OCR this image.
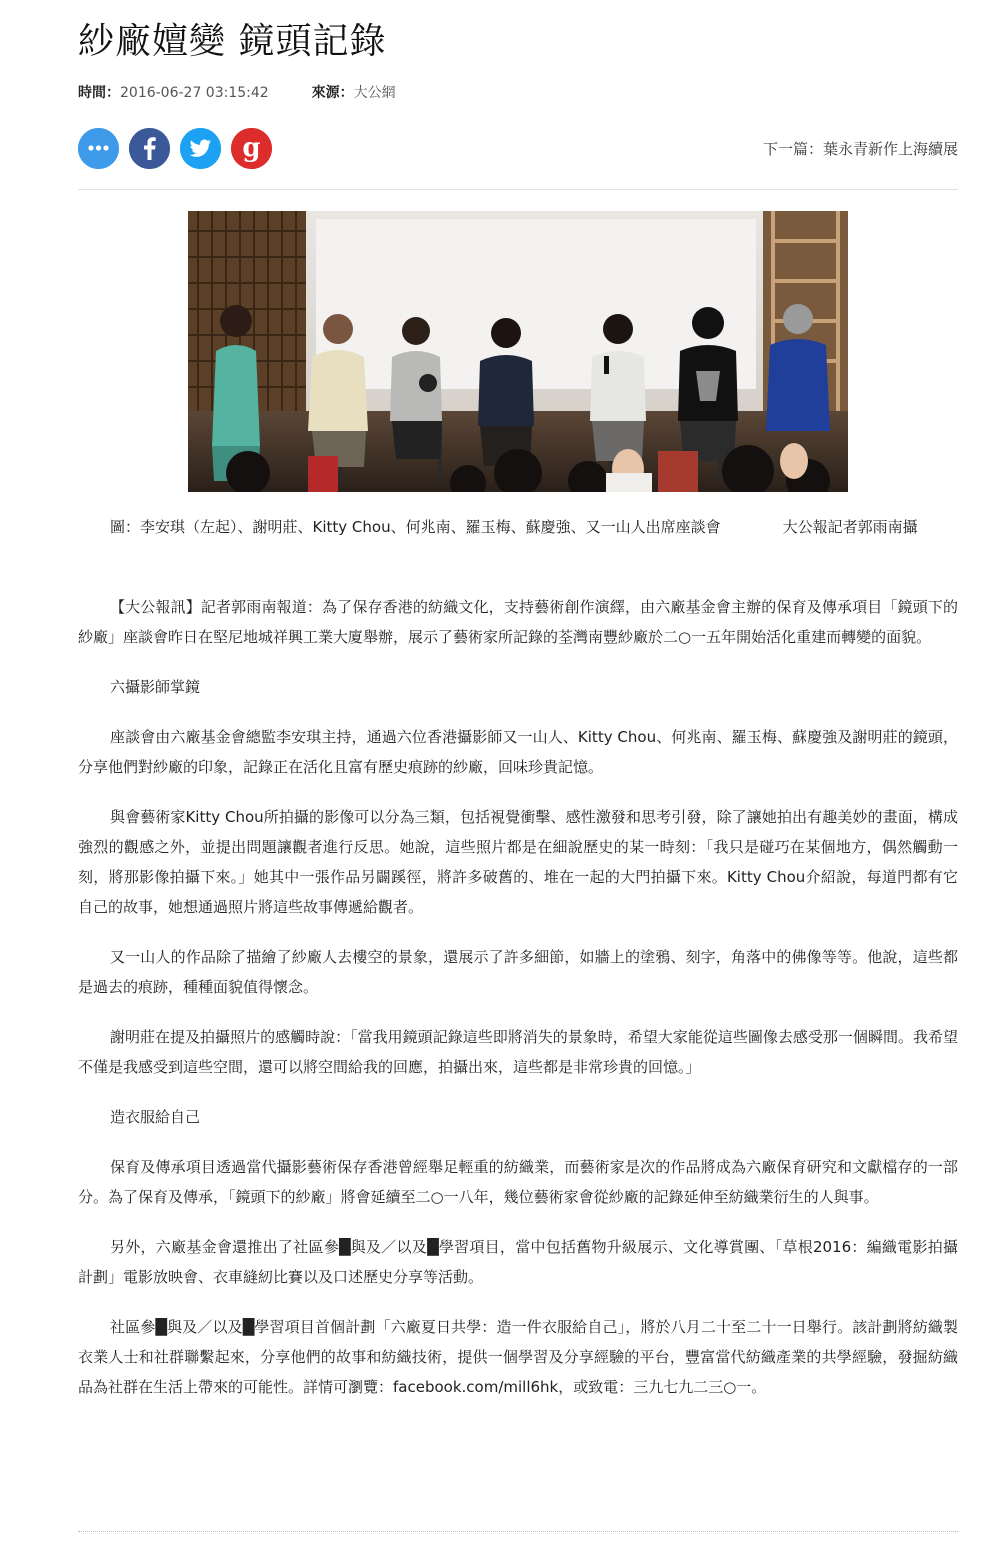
紗廠嬗變 鏡頭記錄
時間：2016-06-27 03:15:42	來源：大公網
g	下一篇：葉永青新作上海續展
圖：李安琪（左起）、謝明莊、Kitty Chou、何兆南、羅玉梅、蘇慶強、又一山人出席座談會	大公報記者郭雨南攝

【大公報訊】記者郭雨南報道：為了保存香港的紡織文化，支持藝術創作演繹，由六廠基金會主辦的保育及傳承項目「鏡頭下的紗廠」座談會昨日在堅尼地城祥興工業大廈舉辦，展示了藝術家所記錄的荃灣南豐紗廠於二○一五年開始活化重建而轉變的面貌。

六攝影師掌鏡

座談會由六廠基金會總監李安琪主持，通過六位香港攝影師又一山人、Kitty Chou、何兆南、羅玉梅、蘇慶強及謝明莊的鏡頭，分享他們對紗廠的印象，記錄正在活化且富有歷史痕跡的紗廠，回味珍貴記憶。

與會藝術家Kitty Chou所拍攝的影像可以分為三類，包括視覺衝擊、感性激發和思考引發，除了讓她拍出有趣美妙的畫面，構成強烈的觀感之外，並提出問題讓觀者進行反思。她說，這些照片都是在細說歷史的某一時刻：「我只是碰巧在某個地方，偶然觸動一刻，將那影像拍攝下來。」她其中一張作品另闢蹊徑，將許多破舊的、堆在一起的大門拍攝下來。Kitty Chou介紹說，每道門都有它自己的故事，她想通過照片將這些故事傳遞給觀者。

又一山人的作品除了描繪了紗廠人去樓空的景象，還展示了許多細節，如牆上的塗鴉、刻字，角落中的佛像等等。他說，這些都是過去的痕跡，種種面貌值得懷念。

謝明莊在提及拍攝照片的感觸時說：「當我用鏡頭記錄這些即將消失的景象時，希望大家能從這些圖像去感受那一個瞬間。我希望不僅是我感受到這些空間，還可以將空間給我的回應，拍攝出來，這些都是非常珍貴的回憶。」

造衣服給自己

保育及傳承項目透過當代攝影藝術保存香港曾經舉足輕重的紡織業，而藝術家是次的作品將成為六廠保育研究和文獻檔存的一部分。為了保育及傳承，「鏡頭下的紗廠」將會延續至二○一八年，幾位藝術家會從紗廠的記錄延伸至紡織業衍生的人與事。

另外，六廠基金會還推出了社區參█與及／以及█學習項目，當中包括舊物升級展示、文化導賞團、「草根2016：編織電影拍攝計劃」電影放映會、衣車縫紉比賽以及口述歷史分享等活動。

社區參█與及／以及█學習項目首個計劃「六廠夏日共學：造一件衣服給自己」，將於八月二十至二十一日舉行。該計劃將紡織製衣業人士和社群聯繫起來，分享他們的故事和紡織技術，提供一個學習及分享經驗的平台，豐富當代紡織產業的共學經驗，發掘紡織品為社群在生活上帶來的可能性。詳情可瀏覽：facebook.com/mill6hk，或致電：三九七九二三○一。
